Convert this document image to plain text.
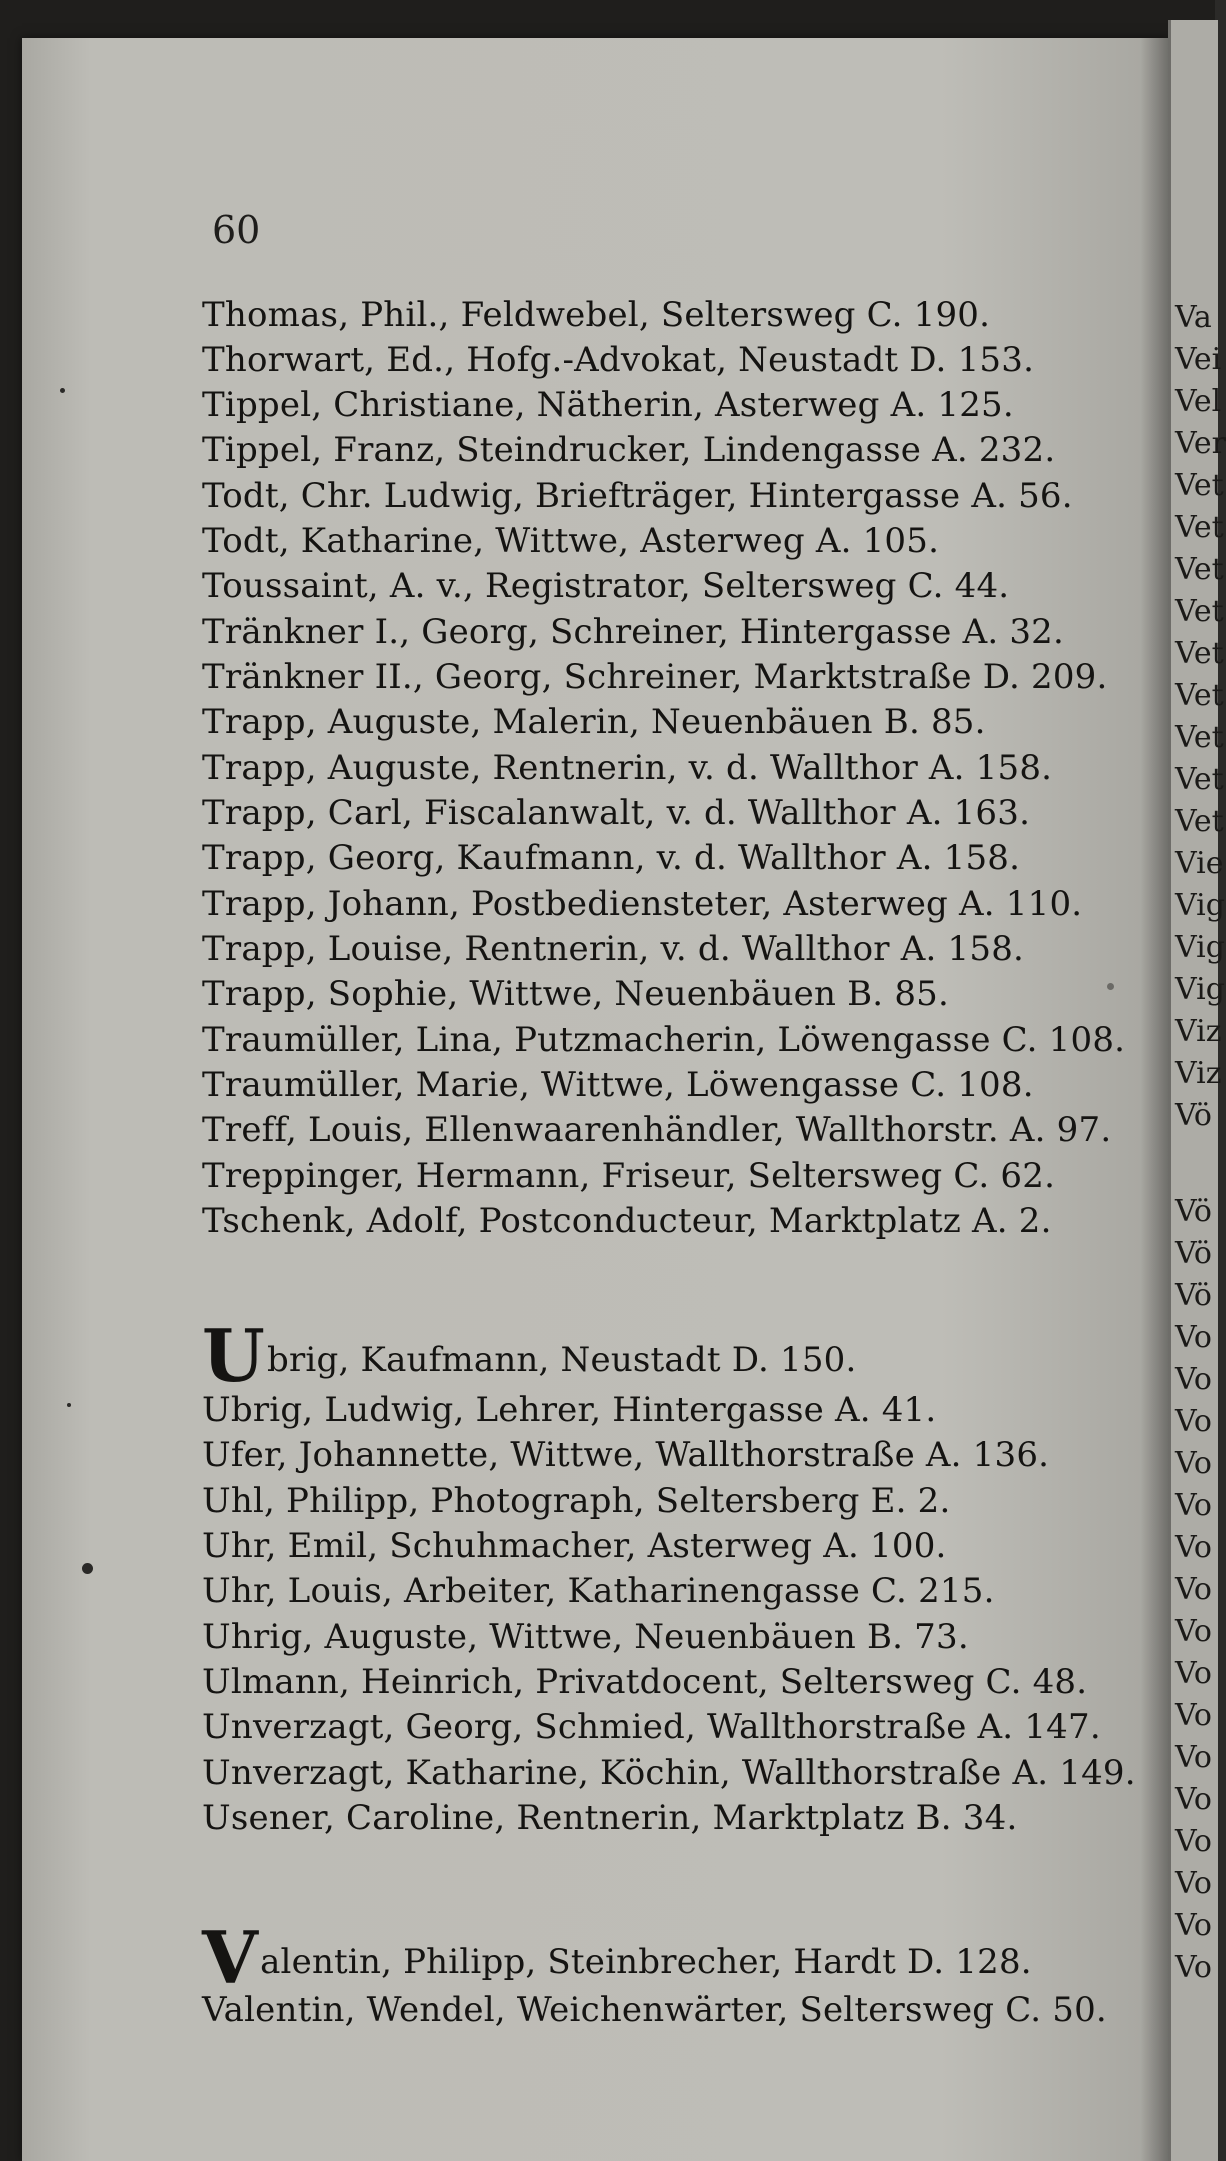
60
Thomas, Phil., Feldwebel, Seltersweg C. 190.
Thorwart, Ed., Hofg.-Advokat, Neustadt D. 153.
Tippel, Christiane, Nätherin, Asterweg A. 125.
Tippel, Franz, Steindrucker, Lindengasse A. 232.
Todt, Chr. Ludwig, Briefträger, Hintergasse A. 56.
Todt, Katharine, Wittwe, Asterweg A. 105.
Toussaint, A. v., Registrator, Seltersweg C. 44.
Tränkner I., Georg, Schreiner, Hintergasse A. 32.
Tränkner II., Georg, Schreiner, Marktstraße D. 209.
Trapp, Auguste, Malerin, Neuenbäuen B. 85.
Trapp, Auguste, Rentnerin, v. d. Wallthor A. 158.
Trapp, Carl, Fiscalanwalt, v. d. Wallthor A. 163.
Trapp, Georg, Kaufmann, v. d. Wallthor A. 158.
Trapp, Johann, Postbediensteter, Asterweg A. 110.
Trapp, Louise, Rentnerin, v. d. Wallthor A. 158.
Trapp, Sophie, Wittwe, Neuenbäuen B. 85.
Traumüller, Lina, Putzmacherin, Löwengasse C. 108.
Traumüller, Marie, Wittwe, Löwengasse C. 108.
Treff, Louis, Ellenwaarenhändler, Wallthorstr. A. 97.
Treppinger, Hermann, Friseur, Seltersweg C. 62.
Tschenk, Adolf, Postconducteur, Marktplatz A. 2.
Ubrig, Kaufmann, Neustadt D. 150.
Ubrig, Ludwig, Lehrer, Hintergasse A. 41.
Ufer, Johannette, Wittwe, Wallthorstraße A. 136.
Uhl, Philipp, Photograph, Seltersberg E. 2.
Uhr, Emil, Schuhmacher, Asterweg A. 100.
Uhr, Louis, Arbeiter, Katharinengasse C. 215.
Uhrig, Auguste, Wittwe, Neuenbäuen B. 73.
Ulmann, Heinrich, Privatdocent, Seltersweg C. 48.
Unverzagt, Georg, Schmied, Wallthorstraße A. 147.
Unverzagt, Katharine, Köchin, Wallthorstraße A. 149.
Usener, Caroline, Rentnerin, Marktplatz B. 34.
Valentin, Philipp, Steinbrecher, Hardt D. 128.
Valentin, Wendel, Weichenwärter, Seltersweg C. 50.
Va
Vei
Vel
Ver
Vet
Vet
Vet
Vet
Vet
Vet
Vet
Vet
Vet
Vie
Vig
Vig
Vig
Viz
Viz
Vö
Vö
Vö
Vö
Vo
Vo
Vo
Vo
Vo
Vo
Vo
Vo
Vo
Vo
Vo
Vo
Vo
Vo
Vo
Vo
